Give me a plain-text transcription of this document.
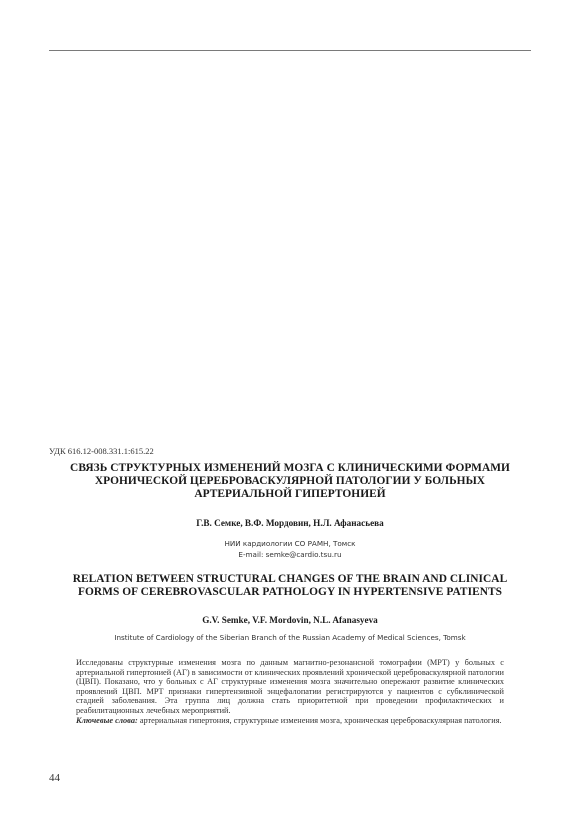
УДК 616.12-008.331.1:615.22
СВЯЗЬ СТРУКТУРНЫХ ИЗМЕНЕНИЙ МОЗГА С КЛИНИЧЕСКИМИ ФОРМАМИ
ХРОНИЧЕСКОЙ ЦЕРЕБРОВАСКУЛЯРНОЙ ПАТОЛОГИИ У БОЛЬНЫХ
АРТЕРИАЛЬНОЙ ГИПЕРТОНИЕЙ
Г.В. Семке, В.Ф. Мордовин, Н.Л. Афанасьева
НИИ кардиологии СО РАМН, Томск
E-mail: semke@cardio.tsu.ru
RELATION BETWEEN STRUCTURAL CHANGES OF THE BRAIN AND CLINICAL
FORMS OF CEREBROVASCULAR PATHOLOGY IN HYPERTENSIVE PATIENTS
G.V. Semke, V.F. Mordovin, N.L. Afanasyeva
Institute of Cardiology of the Siberian Branch of the Russian Academy of Medical Sciences, Tomsk
Исследованы структурные изменения мозга по данным магнитно-резонансной томографии (МРТ) у больных с артериальной гипертонией (АГ) в зависимости от клинических проявлений хронической цереброваскулярной патологии (ЦВП). Показано, что у больных с АГ структурные изменения мозга значительно опережают развитие клинических проявлений ЦВП. МРТ признаки гипертензивной энцефалопатии регистрируются у пациентов с субклинической стадией заболевания. Эта группа лиц должна стать приоритетной при проведении профилактических и реабилитационных лечебных мероприятий.
Ключевые слова: артериальная гипертония, структурные изменения мозга, хроническая цереброваскулярная патология.
44
